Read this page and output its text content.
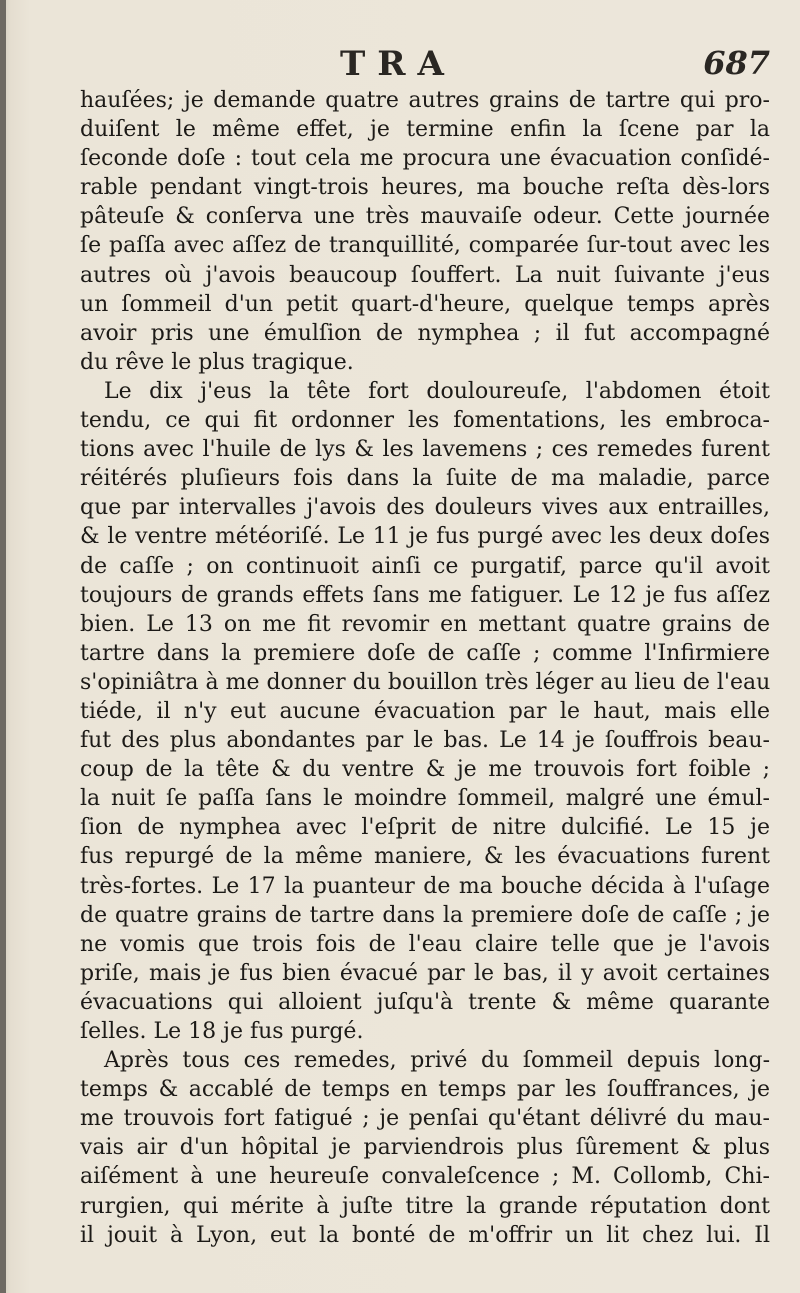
TRA	687
hauſées; je demande quatre autres grains de tartre qui pro-
duiſent le même effet, je termine enfin la ſcene par la
ſeconde doſe : tout cela me procura une évacuation conſidé-
rable pendant vingt-trois heures, ma bouche reſta dès-lors
pâteuſe & conſerva une très mauvaiſe odeur. Cette journée
ſe paſſa avec aſſez de tranquillité, comparée ſur-tout avec les
autres où j'avois beaucoup ſouffert. La nuit ſuivante j'eus
un ſommeil d'un petit quart-d'heure, quelque temps après
avoir pris une émulſion de nymphea ; il fut accompagné
du rêve le plus tragique.
Le dix j'eus la tête fort douloureuſe, l'abdomen étoit
tendu, ce qui fit ordonner les fomentations, les embroca-
tions avec l'huile de lys & les lavemens ; ces remedes furent
réitérés pluſieurs fois dans la ſuite de ma maladie, parce
que par intervalles j'avois des douleurs vives aux entrailles,
& le ventre météoriſé. Le 11 je fus purgé avec les deux doſes
de caſſe ; on continuoit ainſi ce purgatif, parce qu'il avoit
toujours de grands effets ſans me fatiguer. Le 12 je fus aſſez
bien. Le 13 on me fit revomir en mettant quatre grains de
tartre dans la premiere doſe de caſſe ; comme l'Infirmiere
s'opiniâtra à me donner du bouillon très léger au lieu de l'eau
tiéde, il n'y eut aucune évacuation par le haut, mais elle
fut des plus abondantes par le bas. Le 14 je ſouffrois beau-
coup de la tête & du ventre & je me trouvois fort foible ;
la nuit ſe paſſa ſans le moindre ſommeil, malgré une émul-
ſion de nymphea avec l'eſprit de nitre dulcifié. Le 15 je
fus repurgé de la même maniere, & les évacuations furent
très-fortes. Le 17 la puanteur de ma bouche décida à l'uſage
de quatre grains de tartre dans la premiere doſe de caſſe ; je
ne vomis que trois fois de l'eau claire telle que je l'avois
priſe, mais je fus bien évacué par le bas, il y avoit certaines
évacuations qui alloient juſqu'à trente & même quarante
ſelles. Le 18 je fus purgé.
Après tous ces remedes, privé du ſommeil depuis long-
temps & accablé de temps en temps par les ſouffrances, je
me trouvois fort fatigué ; je penſai qu'étant délivré du mau-
vais air d'un hôpital je parviendrois plus ſûrement & plus
aiſément à une heureuſe convaleſcence ; M. Collomb, Chi-
rurgien, qui mérite à juſte titre la grande réputation dont
il jouit à Lyon, eut la bonté de m'offrir un lit chez lui. Il
